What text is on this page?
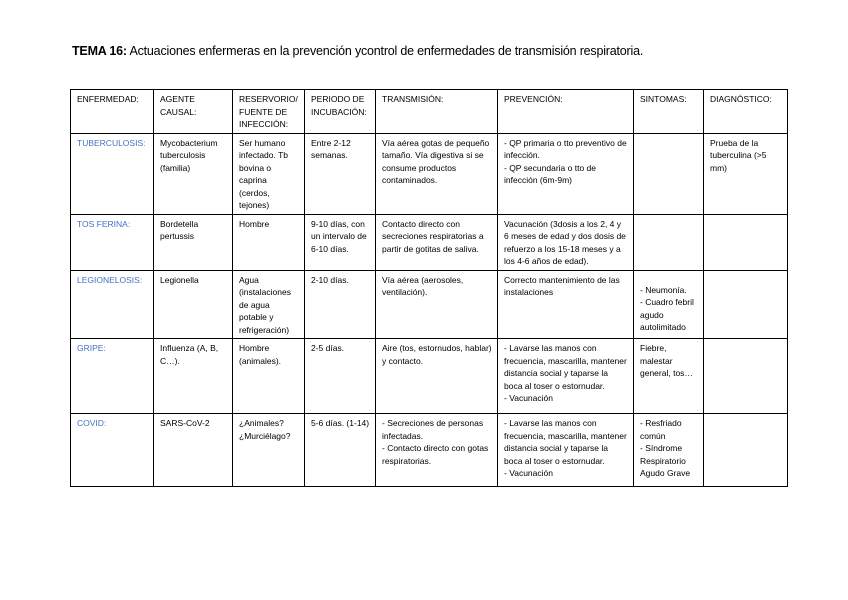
TEMA 16: Actuaciones enfermeras en la prevención ycontrol de enfermedades de transmisión respiratoria.
ENFERMEDAD:	AGENTE CAUSAL:	RESERVORIO/ FUENTE DE INFECCIÓN:	PERIODO DE INCUBACIÓN:	TRANSMISIÓN:	PREVENCIÓN:	SINTOMAS:	DIAGNÓSTICO:
TUBERCULOSIS:	Mycobacterium tuberculosis (familia)	Ser humano infectado. Tb bovina o caprina (cerdos, tejones)	Entre 2-12 semanas.	Vía aérea gotas de pequeño tamaño. Vía digestiva si se consume productos contaminados.	- QP primaria o tto preventivo de infección.
- QP secundaria o tto de infección (6m-9m)		Prueba de la tuberculina (>5 mm)
TOS FERINA:	Bordetella pertussis	Hombre	9-10 días, con un intervalo de 6-10 días.	Contacto directo con secreciones respiratorias a partir de gotitas de saliva.	Vacunación (3dosis a los 2, 4 y 6 meses de edad y dos dosis de refuerzo a los 15-18 meses y a los 4-6 años de edad).		

LEGIONELOSIS:	Legionella	Agua (instalaciones de agua potable y refrigeración)	2-10 días.	Vía aérea (aerosoles, ventilación).	Correcto mantenimiento de las instalaciones	- Neumonía.
- Cuadro febril agudo autolimitado	

GRIPE:	Influenza (A, B, C…).	Hombre (animales).	2-5 días.	Aire (tos, estornudos, hablar) y contacto.	- Lavarse las manos con frecuencia, mascarilla, mantener distancia social y taparse la boca al toser o estornudar.
- Vacunación	Fiebre, malestar general, tos…	

COVID:	SARS-CoV-2	¿Animales? ¿Murciélago?	5-6 días. (1-14)	- Secreciones de personas infectadas.
- Contacto directo con gotas respiratorias.	- Lavarse las manos con frecuencia, mascarilla, mantener distancia social y taparse la boca al toser o estornudar.
- Vacunación	- Resfriado común
- Síndrome Respiratorio Agudo Grave	
